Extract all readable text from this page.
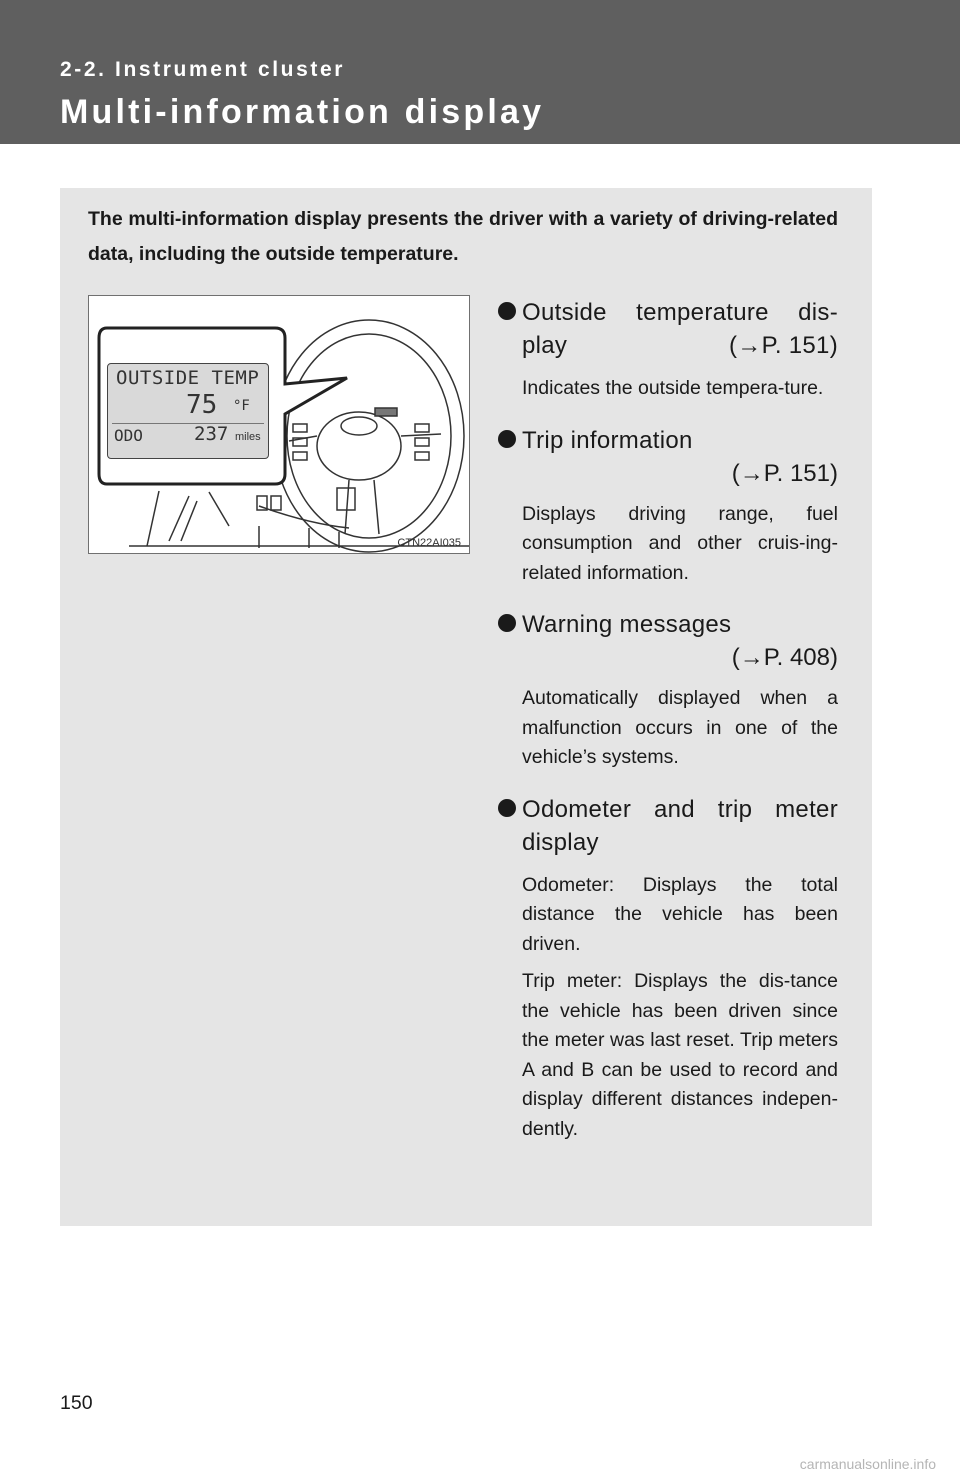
2-2. Instrument cluster
Multi-information display
The multi-information display presents the driver with a variety of driving-related data, including the outside temperature.
OUTSIDE TEMP
75 °F
ODO	237 miles
CTN22AI035
Outside temperature dis-
play	(→P. 151)
Indicates the outside tempera-ture.
Trip information
(→P. 151)
Displays driving range, fuel consumption and other cruis-ing-related information.
Warning messages
(→P. 408)
Automatically displayed when a malfunction occurs in one of the vehicle’s systems.
Odometer and trip meter
display
Odometer: Displays the total distance the vehicle has been driven.
Trip meter: Displays the dis-tance the vehicle has been driven since the meter was last reset. Trip meters A and B can be used to record and display different distances indepen-dently.
150
carmanualsonline.info
